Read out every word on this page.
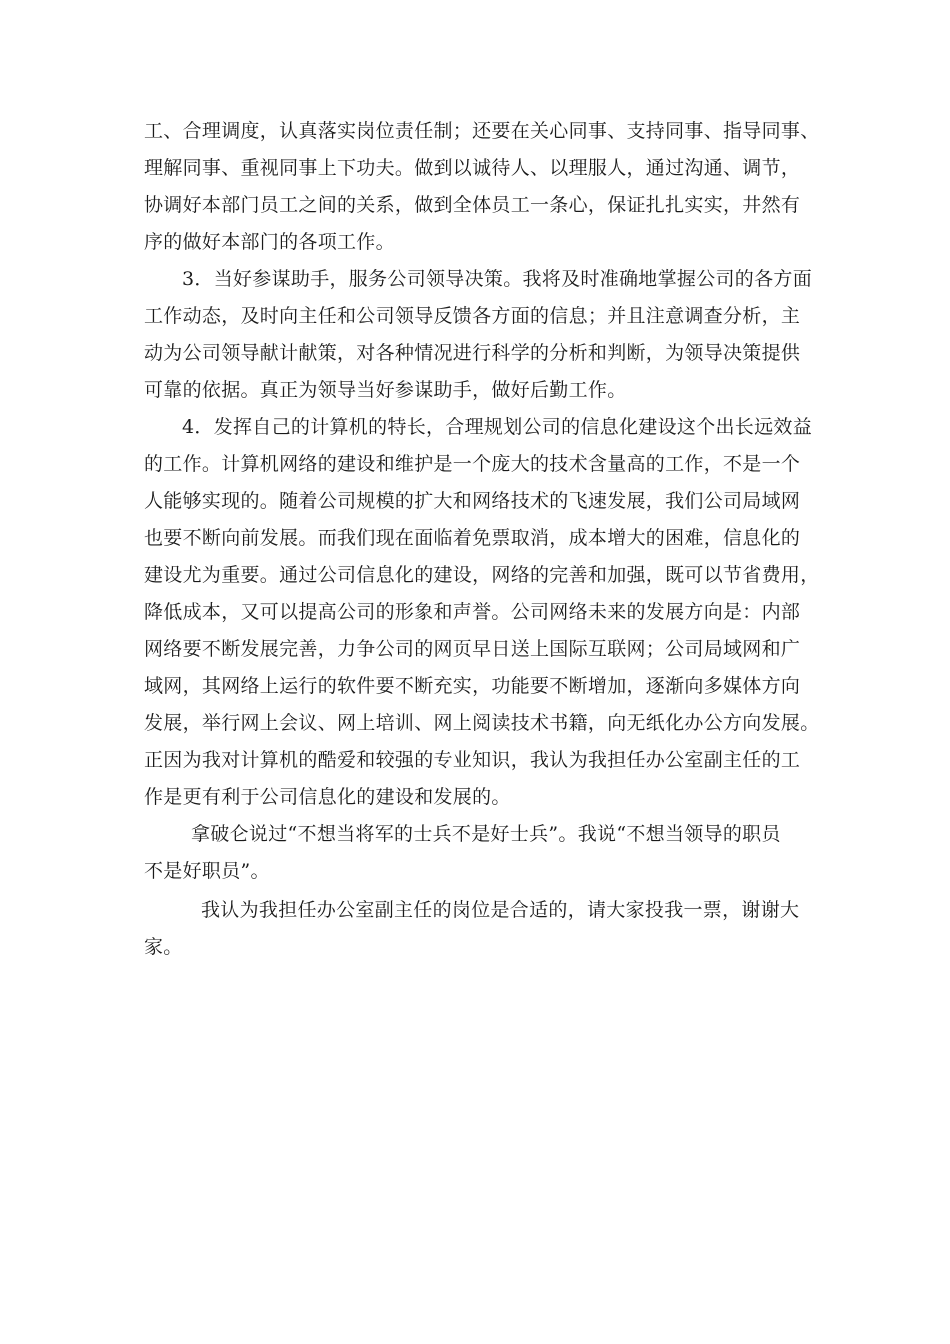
工、合理调度，认真落实岗位责任制；还要在关心同事、支持同事、指导同事、
理解同事、重视同事上下功夫。做到以诚待人、以理服人，通过沟通、调节，
协调好本部门员工之间的关系，做到全体员工一条心，保证扎扎实实，井然有
序的做好本部门的各项工作。
3．当好参谋助手，服务公司领导决策。我将及时准确地掌握公司的各方面
工作动态，及时向主任和公司领导反馈各方面的信息；并且注意调查分析，主
动为公司领导献计献策，对各种情况进行科学的分析和判断，为领导决策提供
可靠的依据。真正为领导当好参谋助手，做好后勤工作。
4．发挥自己的计算机的特长，合理规划公司的信息化建设这个出长远效益
的工作。计算机网络的建设和维护是一个庞大的技术含量高的工作，不是一个
人能够实现的。随着公司规模的扩大和网络技术的飞速发展，我们公司局域网
也要不断向前发展。而我们现在面临着免票取消，成本增大的困难，信息化的
建设尤为重要。通过公司信息化的建设，网络的完善和加强，既可以节省费用，
降低成本，又可以提高公司的形象和声誉。公司网络未来的发展方向是：内部
网络要不断发展完善，力争公司的网页早日送上国际互联网；公司局域网和广
域网，其网络上运行的软件要不断充实，功能要不断增加，逐渐向多媒体方向
发展，举行网上会议、网上培训、网上阅读技术书籍，向无纸化办公方向发展。
正因为我对计算机的酷爱和较强的专业知识，我认为我担任办公室副主任的工
作是更有利于公司信息化的建设和发展的。
拿破仑说过“不想当将军的士兵不是好士兵”。我说“不想当领导的职员
不是好职员”。
我认为我担任办公室副主任的岗位是合适的，请大家投我一票，谢谢大
家。
